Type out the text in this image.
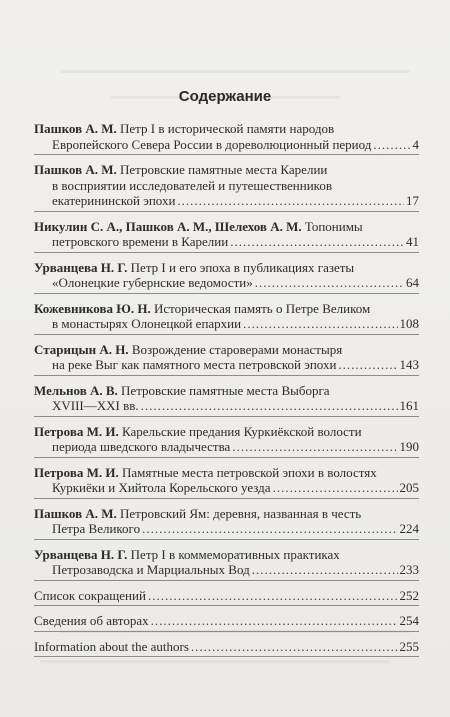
Содержание
Пашков А. М. Петр I в исторической памяти народов
Европейского Севера России в дореволюционный период .....	4
Пашков А. М. Петровские памятные места Карелии
в восприятии исследователей и путешественников
екатерининской эпохи .....	17
Никулин С. А., Пашков А. М., Шелехов А. М. Топонимы
петровского времени в Карелии .....	41
Урванцева Н. Г. Петр I и его эпоха в публикациях газеты
«Олонецкие губернские ведомости» .....	64
Кожевникова Ю. Н. Историческая память о Петре Великом
в монастырях Олонецкой епархии .....	108
Старицын А. Н. Возрождение старoверами монастыря
на реке Выг как памятного места петровской эпохи .....	143
Мельнов А. В. Петровские памятные места Выборга
XVIII—XXI вв. .....	161
Петрова М. И. Карельские предания Куркиёкской волости
периода шведского владычества .....	190
Петрова М. И. Памятные места петровской эпохи в волостях
Куркиёки и Хийтола Корельского уезда .....	205
Пашков А. М. Петровский Ям: деревня, названная в честь
Петра Великого .....	224
Урванцева Н. Г. Петр I в коммеморативных практиках
Петрозаводска и Марциальных Вод .....	233
Список сокращений .....	252
Сведения об авторах .....	254
Information about the authors .....	255
